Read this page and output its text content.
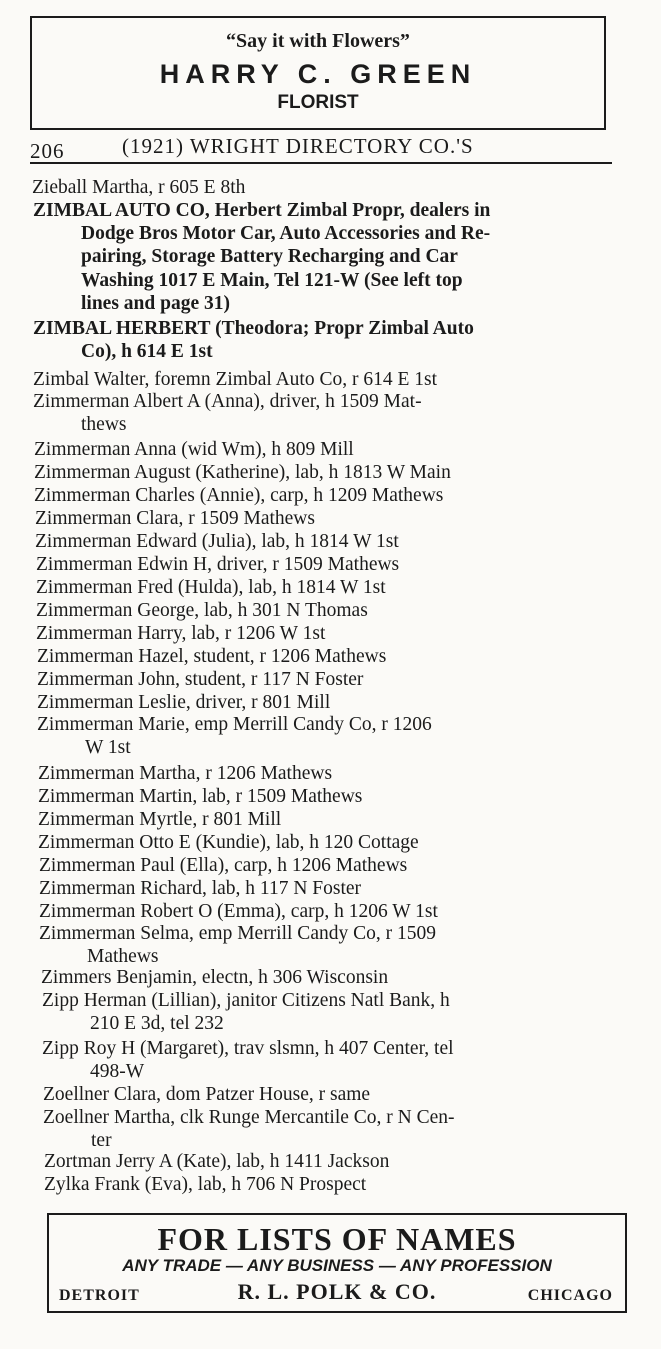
“Say it with Flowers”
HARRY C. GREEN
FLORIST
206	(1921) WRIGHT DIRECTORY CO.'S
Zieball Martha, r 605 E 8th
ZIMBAL AUTO CO, Herbert Zimbal Propr, dealers in
Dodge Bros Motor Car, Auto Accessories and Re-
pairing, Storage Battery Recharging and Car
Washing 1017 E Main, Tel 121-W (See left top
lines and page 31)
ZIMBAL HERBERT (Theodora; Propr Zimbal Auto
Co), h 614 E 1st
Zimbal Walter, foremn Zimbal Auto Co, r 614 E 1st
Zimmerman Albert A (Anna), driver, h 1509 Mat-
thews
Zimmerman Anna (wid Wm), h 809 Mill
Zimmerman August (Katherine), lab, h 1813 W Main
Zimmerman Charles (Annie), carp, h 1209 Mathews
Zimmerman Clara, r 1509 Mathews
Zimmerman Edward (Julia), lab, h 1814 W 1st
Zimmerman Edwin H, driver, r 1509 Mathews
Zimmerman Fred (Hulda), lab, h 1814 W 1st
Zimmerman George, lab, h 301 N Thomas
Zimmerman Harry, lab, r 1206 W 1st
Zimmerman Hazel, student, r 1206 Mathews
Zimmerman John, student, r 117 N Foster
Zimmerman Leslie, driver, r 801 Mill
Zimmerman Marie, emp Merrill Candy Co, r 1206
W 1st
Zimmerman Martha, r 1206 Mathews
Zimmerman Martin, lab, r 1509 Mathews
Zimmerman Myrtle, r 801 Mill
Zimmerman Otto E (Kundie), lab, h 120 Cottage
Zimmerman Paul (Ella), carp, h 1206 Mathews
Zimmerman Richard, lab, h 117 N Foster
Zimmerman Robert O (Emma), carp, h 1206 W 1st
Zimmerman Selma, emp Merrill Candy Co, r 1509
Mathews
Zimmers Benjamin, electn, h 306 Wisconsin
Zipp Herman (Lillian), janitor Citizens Natl Bank, h
210 E 3d, tel 232
Zipp Roy H (Margaret), trav slsmn, h 407 Center, tel
498-W
Zoellner Clara, dom Patzer House, r same
Zoellner Martha, clk Runge Mercantile Co, r N Cen-
ter
Zortman Jerry A (Kate), lab, h 1411 Jackson
Zylka Frank (Eva), lab, h 706 N Prospect
FOR LISTS OF NAMES
ANY TRADE — ANY BUSINESS — ANY PROFESSION
DETROIT	R. L. POLK & CO.	CHICAGO
